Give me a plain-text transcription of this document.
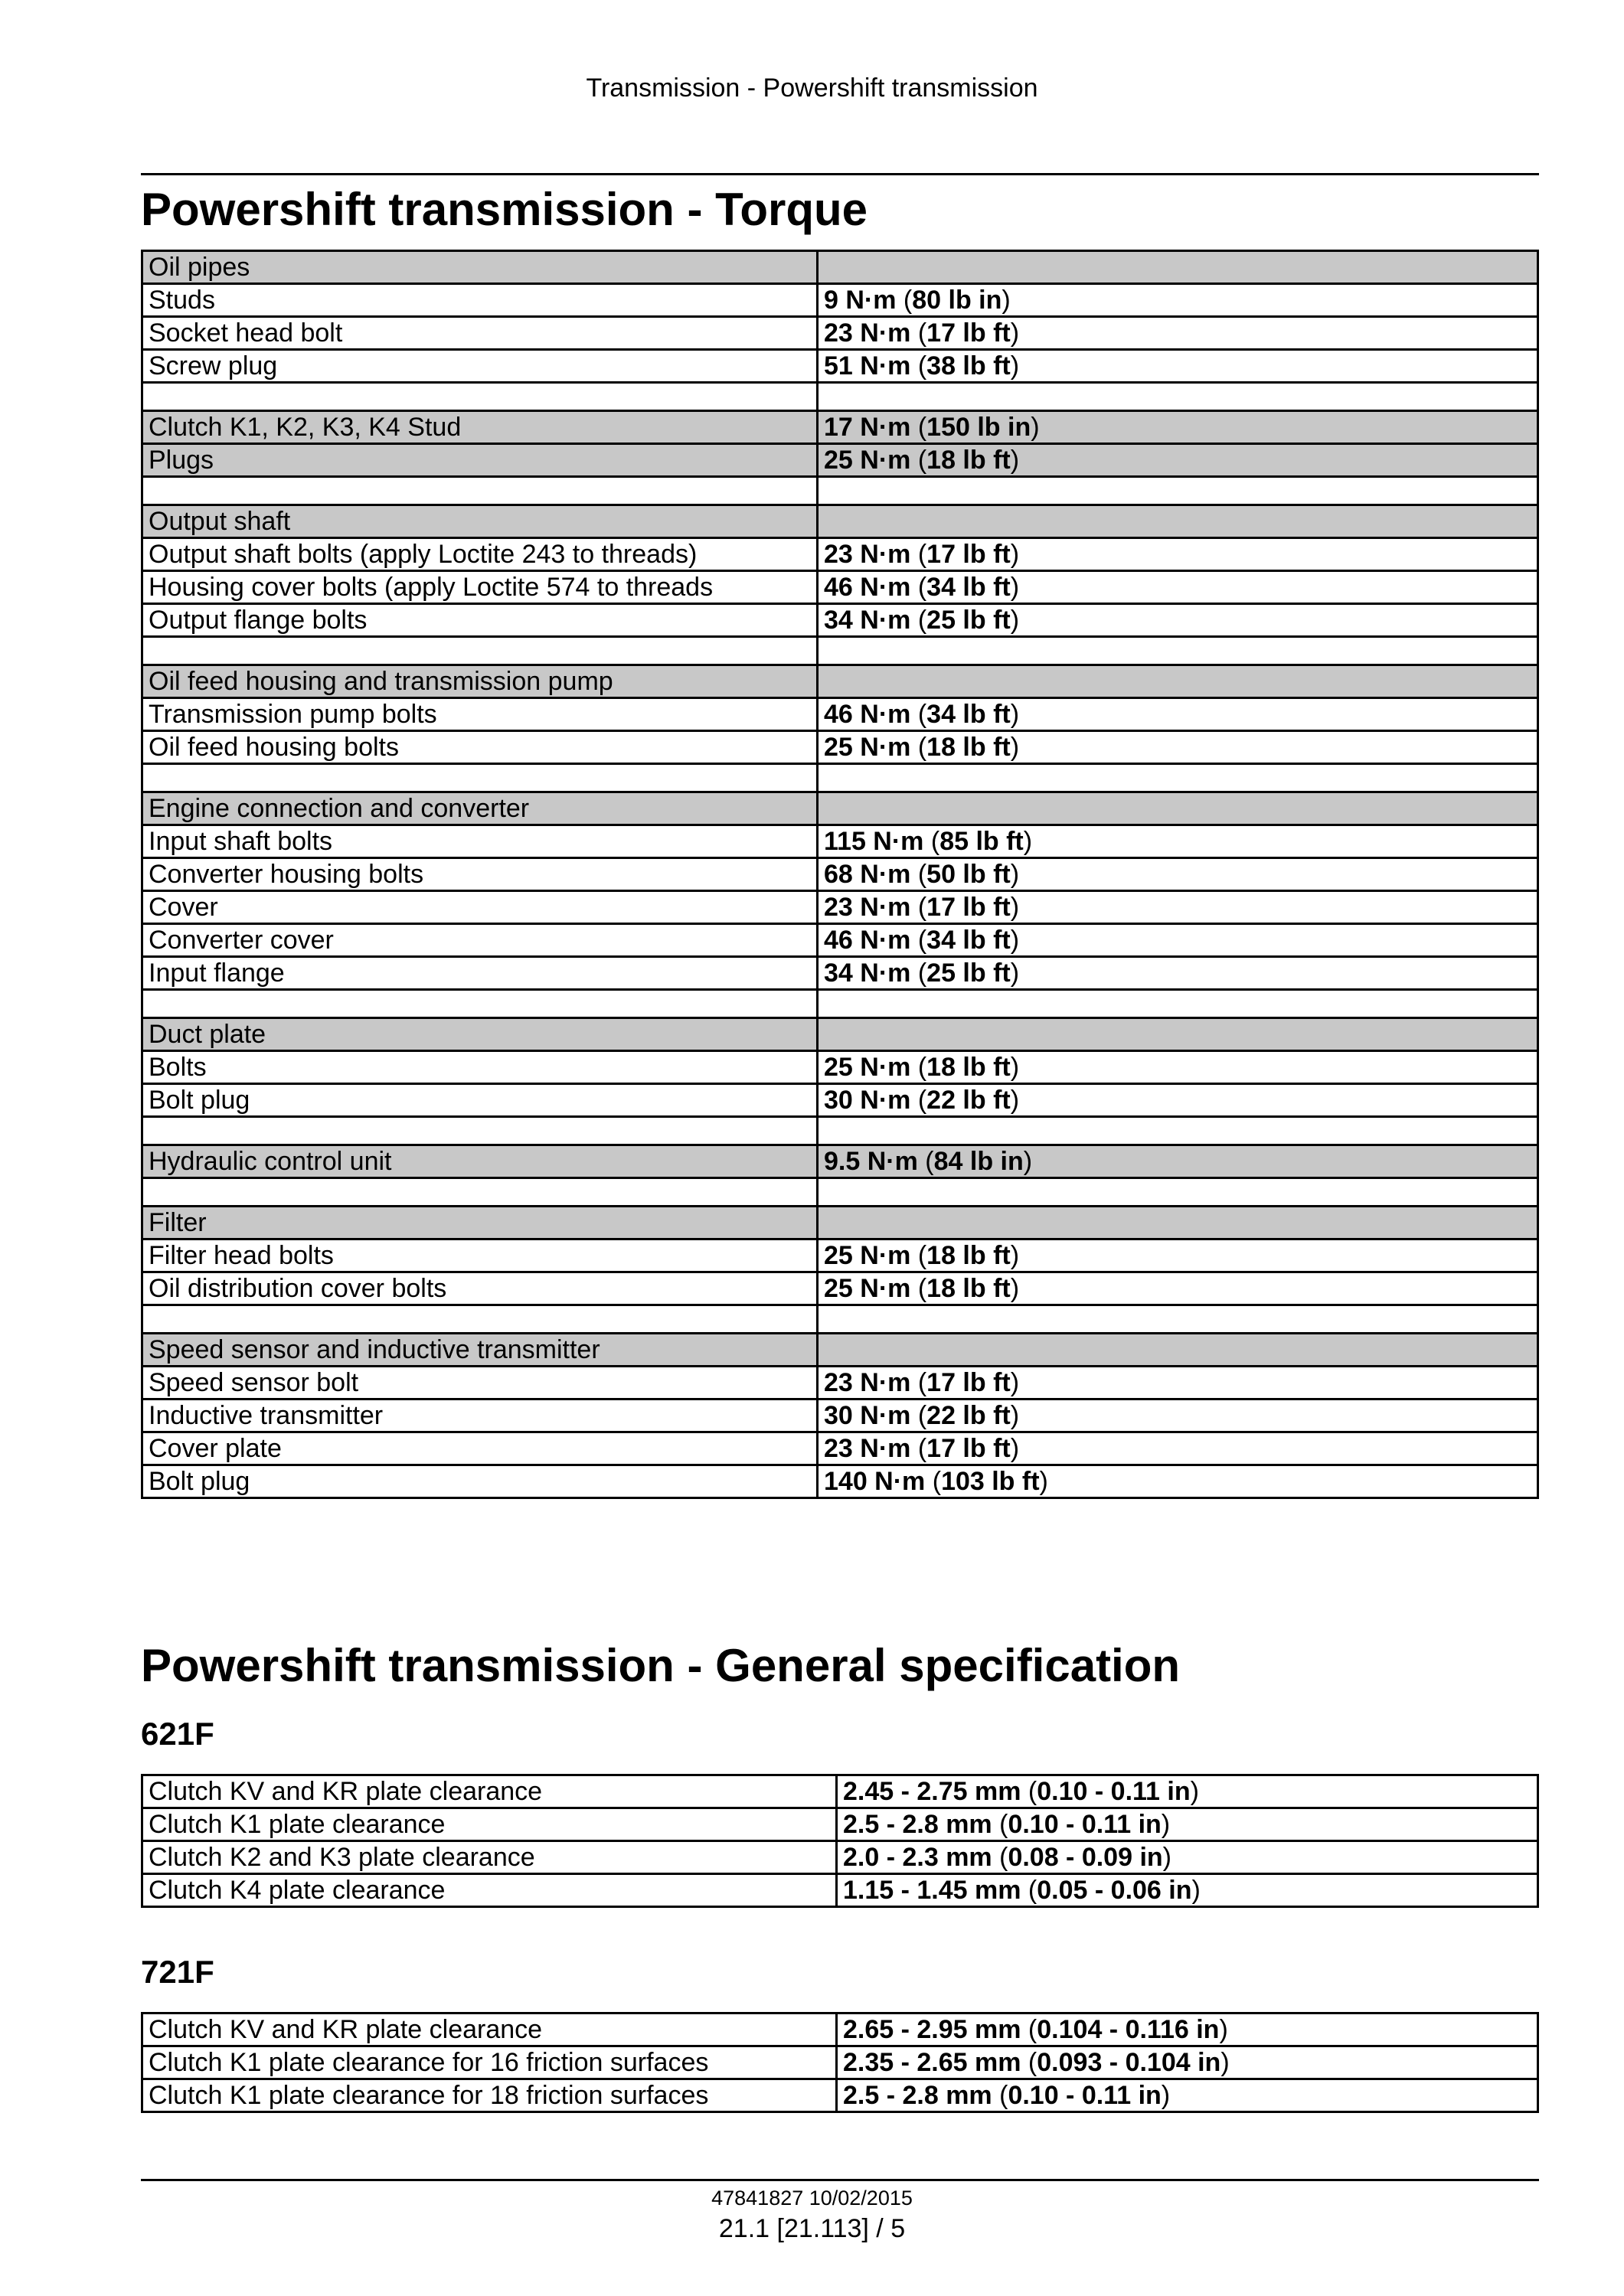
Transmission - Powershift transmission
Powershift transmission - Torque
Oil pipes	
Studs	9 N·m (80 lb in)
Socket head bolt	23 N·m (17 lb ft)
Screw plug	51 N·m (38 lb ft)

Clutch K1, K2, K3, K4 Stud	17 N·m (150 lb in)
Plugs	25 N·m (18 lb ft)

Output shaft	
Output shaft bolts (apply Loctite 243 to threads)	23 N·m (17 lb ft)
Housing cover bolts (apply Loctite 574 to threads	46 N·m (34 lb ft)
Output flange bolts	34 N·m (25 lb ft)

Oil feed housing and transmission pump	
Transmission pump bolts	46 N·m (34 lb ft)
Oil feed housing bolts	25 N·m (18 lb ft)

Engine connection and converter	
Input shaft bolts	115 N·m (85 lb ft)
Converter housing bolts	68 N·m (50 lb ft)
Cover	23 N·m (17 lb ft)
Converter cover	46 N·m (34 lb ft)
Input flange	34 N·m (25 lb ft)

Duct plate	
Bolts	25 N·m (18 lb ft)
Bolt plug	30 N·m (22 lb ft)

Hydraulic control unit	9.5 N·m (84 lb in)

Filter	
Filter head bolts	25 N·m (18 lb ft)
Oil distribution cover bolts	25 N·m (18 lb ft)

Speed sensor and inductive transmitter	
Speed sensor bolt	23 N·m (17 lb ft)
Inductive transmitter	30 N·m (22 lb ft)
Cover plate	23 N·m (17 lb ft)
Bolt plug	140 N·m (103 lb ft)
Powershift transmission - General specification
621F
Clutch KV and KR plate clearance	2.45 - 2.75 mm (0.10 - 0.11 in)
Clutch K1 plate clearance	2.5 - 2.8 mm (0.10 - 0.11 in)
Clutch K2 and K3 plate clearance	2.0 - 2.3 mm (0.08 - 0.09 in)
Clutch K4 plate clearance	1.15 - 1.45 mm (0.05 - 0.06 in)
721F
Clutch KV and KR plate clearance	2.65 - 2.95 mm (0.104 - 0.116 in)
Clutch K1 plate clearance for 16 friction surfaces	2.35 - 2.65 mm (0.093 - 0.104 in)
Clutch K1 plate clearance for 18 friction surfaces	2.5 - 2.8 mm (0.10 - 0.11 in)
47841827 10/02/2015
21.1 [21.113] / 5
